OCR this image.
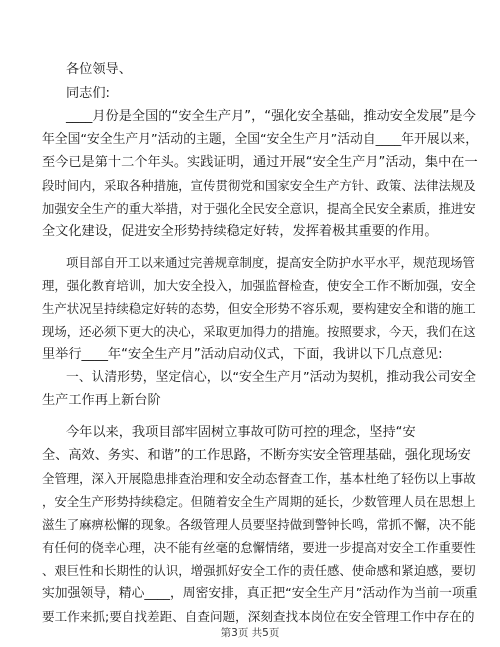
各位领导、
同志们:
____月份是全国的“安全生产月”，“强化安全基础，推动安全发展”是今
年全国“安全生产月”活动的主题，全国“安全生产月”活动自____年开展以来，
至今已是第十二个年头。实践证明，通过开展“安全生产月”活动，集中在一
段时间内，采取各种措施，宣传贯彻党和国家安全生产方针、政策、法律法规及
加强安全生产的重大举措，对于强化全民安全意识，提高全民安全素质，推进安
全文化建设，促进安全形势持续稳定好转，发挥着极其重要的作用。
项目部自开工以来通过完善规章制度，提高安全防护水平水平，规范现场管
理，强化教育培训，加大安全投入，加强监督检查，使安全工作不断加强，安全
生产状况呈持续稳定好转的态势，但安全形势不容乐观，要构建安全和谐的施工
现场，还必须下更大的决心，采取更加得力的措施。按照要求，今天，我们在这
里举行____年“安全生产月”活动启动仪式，下面，我讲以下几点意见:
一、认清形势，坚定信心，以“安全生产月”活动为契机，推动我公司安全
生产工作再上新台阶
今年以来，我项目部牢固树立事故可防可控的理念，坚持“安
全、高效、务实、和谐”的工作思路，不断夯实安全管理基础，强化现场安
全管理，深入开展隐患排查治理和安全动态督查工作，基本杜绝了轻伤以上事故
，安全生产形势持续稳定。但随着安全生产周期的延长，少数管理人员在思想上
滋生了麻痹松懈的现象。各级管理人员要坚持做到警钟长鸣，常抓不懈，决不能
有任何的侥幸心理，决不能有丝毫的怠懈情绪，要进一步提高对安全工作重要性
、艰巨性和长期性的认识，增强抓好安全工作的责任感、使命感和紧迫感，要切
实加强领导，精心____，周密安排，真正把“安全生产月”活动作为当前一项重
要工作来抓;要自找差距、自查问题，深刻查找本岗位在安全管理工作中存在的
第3页 共5页
